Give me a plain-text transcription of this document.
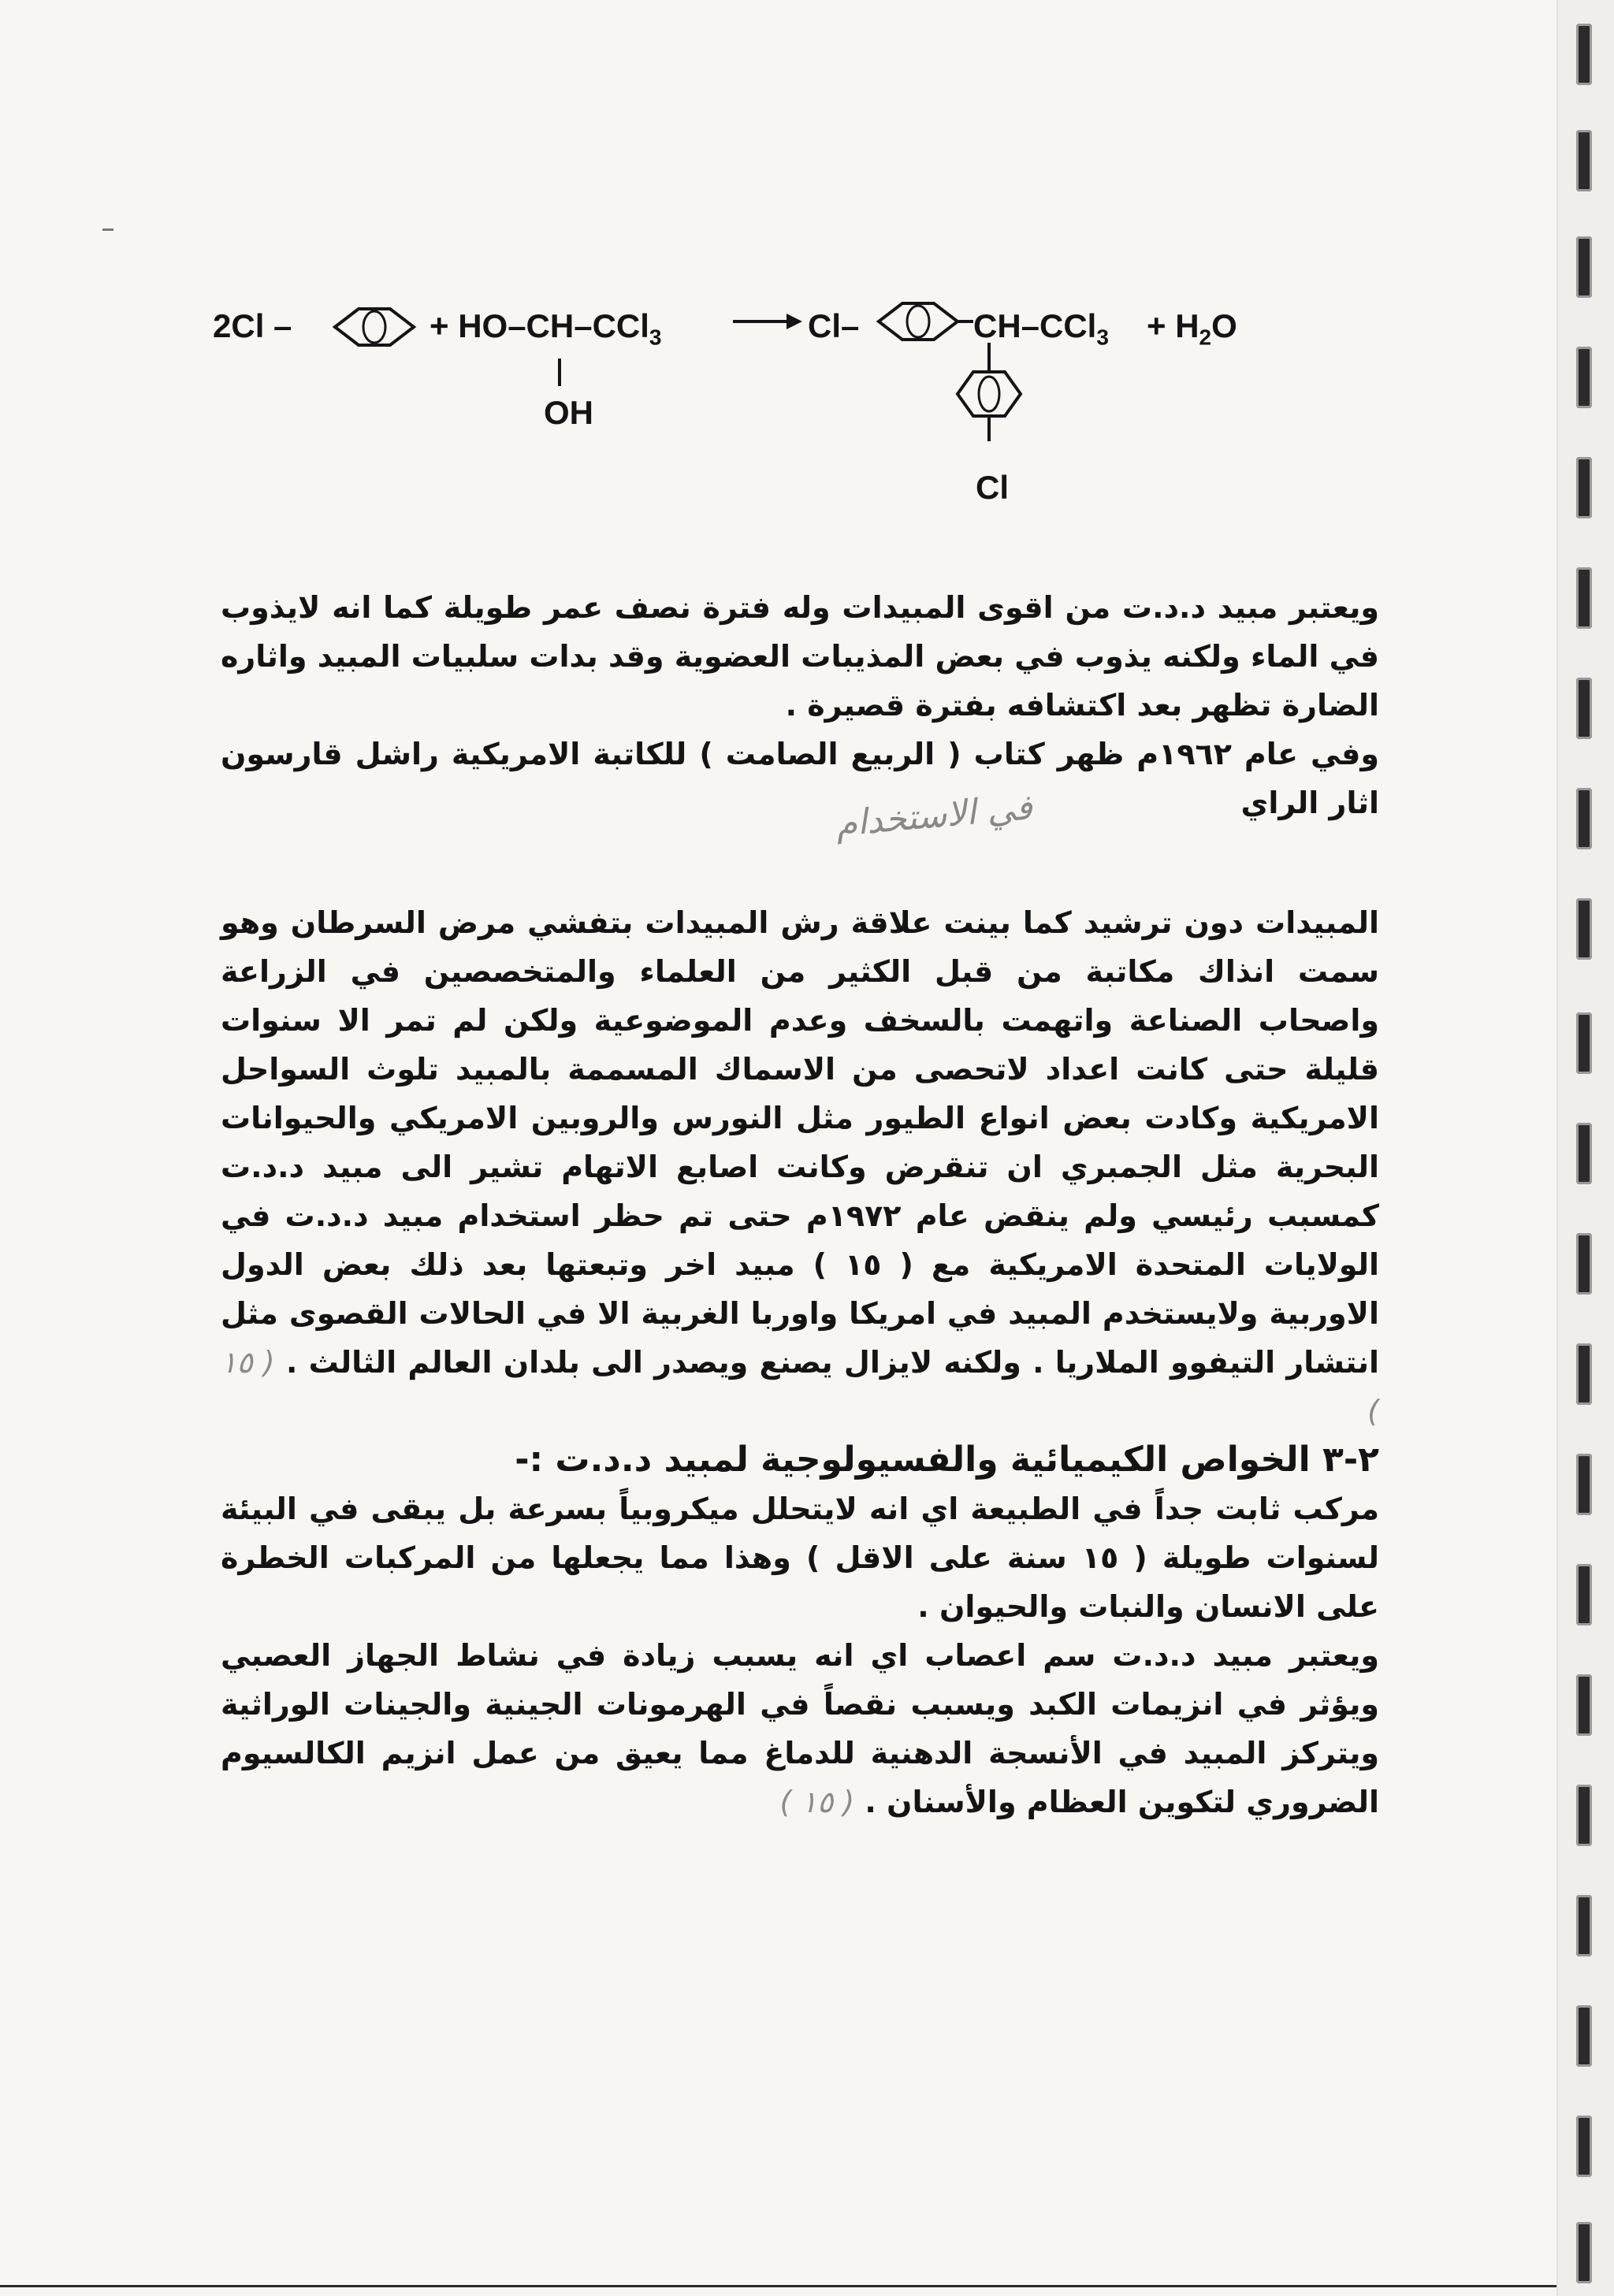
2Cl –	+ HO–CH–CCl$_3$
OH
Cl–	$CH-CCl_3 + H_2O$
Cl

ويعتبر مبيد د.د.ت من اقوى المبيدات وله فترة نصف عمر طويلة كما انه لايذوب في الماء ولكنه يذوب في بعض المذيبات العضوية وقد بدات سلبيات المبيد واثاره الضارة تظهر بعد اكتشافه بفترة قصيرة .

وفي عام ١٩٦٢م ظهر كتاب ( الربيع الصامت ) للكاتبة الامريكية راشل قارسون اثار الراي

في الاستخدام

المبيدات دون ترشيد كما بينت علاقة رش المبيدات بتفشي مرض السرطان وهو سمت انذاك مكاتبة من قبل الكثير من العلماء والمتخصصين في الزراعة واصحاب الصناعة واتهمت بالسخف وعدم الموضوعية ولكن لم تمر الا سنوات قليلة حتى كانت اعداد لاتحصى من الاسماك المسممة بالمبيد تلوث السواحل الامريكية وكادت بعض انواع الطيور مثل النورس والروبين الامريكي والحيوانات البحرية مثل الجمبري ان تنقرض وكانت اصابع الاتهام تشير الى مبيد د.د.ت كمسبب رئيسي ولم ينقض عام ١٩٧٢م حتى تم حظر استخدام مبيد د.د.ت في الولايات المتحدة الامريكية مع ( ١٥ ) مبيد اخر وتبعتها بعد ذلك بعض الدول الاوربية ولايستخدم المبيد في امريكا واوربا الغربية الا في الحالات القصوى مثل انتشار التيفوو الملاريا . ولكنه لايزال يصنع ويصدر الى بلدان العالم الثالث . ( ١٥ )

٢-٣ الخواص الكيميائية والفسيولوجية لمبيد د.د.ت :-

مركب ثابت جداً في الطبيعة اي انه لايتحلل ميكروبياً بسرعة بل يبقى في البيئة لسنوات طويلة ( ١٥ سنة على الاقل ) وهذا مما يجعلها من المركبات الخطرة على الانسان والنبات والحيوان .

ويعتبر مبيد د.د.ت سم اعصاب اي انه يسبب زيادة في نشاط الجهاز العصبي ويؤثر في انزيمات الكبد ويسبب نقصاً في الهرمونات الجينية والجينات الوراثية ويتركز المبيد في الأنسجة الدهنية للدماغ مما يعيق من عمل انزيم الكالسيوم الضروري لتكوين العظام والأسنان . ( ١٥ )
